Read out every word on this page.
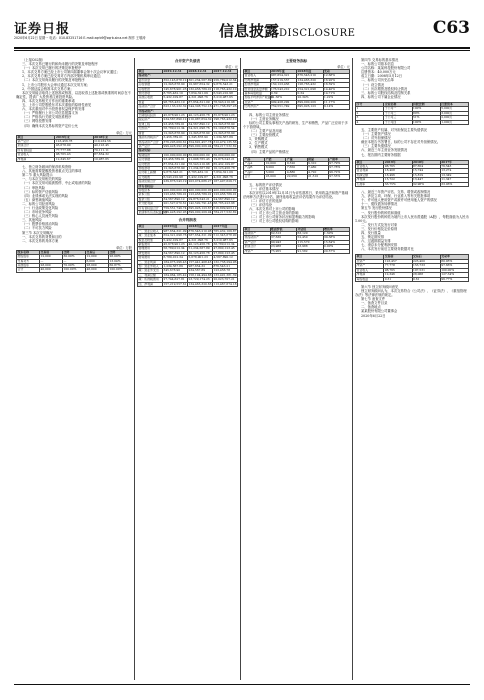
证券日报
2020年6月22日 星期一 电话：010-83251716 E-mail:zqrb9@zqrb.sina.net 制作 王敬涛	信息披露DISCLOSURE	C63

（上接C62版）

三、本次交易已履行的和尚未履行的决策及审批程序

（一）本次交易已履行的决策及审批程序

1、本次交易方案已经上市公司第四届董事会第十次会议审议通过；

2、本次交易方案已经交易对方内部决策机构审议通过；

（二）本次交易尚未履行的决策及审批程序

1、上市公司股东大会审议通过本次交易方案；

2、中国证监会核准本次交易方案；

本次交易能否取得上述批准或核准，以及取得上述批准或核准的时间存在不确定性，提请广大投资者注意投资风险。

四、本次交易相关方作出的重要承诺

五、上市公司控股股东对本次重组的原则性意见

六、本次重组对中小投资者权益保护的安排

（一）严格履行上市公司信息披露义务

（二）严格执行关联交易批准程序

（三）网络投票安排

（四）确保本次交易标的资产定价公允

单位：万元
项目	2019年末	2018年末
资产总计	123,456.78	110,234.56
负债合计	45,678.90	40,123.45
所有者权益	77,777.88	70,111.11
营业收入	98,765.43	87,654.32
净利润	12,345.67	10,987.65

七、独立财务顾问的保荐机构资格

八、其他需要提醒投资者重点关注的事项

第二节 重大风险提示

一、与本次交易相关的风险

（一）本次交易可能被暂停、中止或取消的风险

（二）审批风险

（三）标的资产估值风险

（四）业绩承诺无法实现的风险

（五）商誉减值风险

二、标的公司经营风险

（一）行业政策变化风险

（二）市场竞争风险

（三）核心人员流失风险

三、其他风险

（一）股票价格波动风险

（二）不可抗力风险

第三节 本次交易概况

一、本次交易的背景和目的

二、本次交易的具体方案

单位：万股
股东名称	交易前	比例	交易后	比例
控股股东	12,000	30.00%	12,000	26.09%
交易对方	—	—	6,000	13.04%
其他股东	28,000	70.00%	28,000	60.87%
合计	40,000	100.00%	46,000	100.00%
合并资产负债表
单位：元
项目	2019.12.31	2018.12.31	2017.12.31
流动资产：			
货币资金	352,145,678.12	301,234,567.89	256,789,012.34
应收票据	12,345,678.90	10,987,654.32	9,876,543.21
应收账款	145,678,901.23	132,456,789.01	118,765,432.10
预付款项	8,765,432.10	7,654,321.09	6,543,210.98
其他应收款	5,432,109.87	4,321,098.76	3,210,987.65
存货	98,765,432.10	87,654,321.09	76,543,210.98
流动资产合计	623,133,232.32	544,308,752.16	471,738,397.26
非流动资产：			
长期股权投资	45,678,901.23	40,123,456.78	35,678,901.23
固定资产	234,567,890.12	210,987,654.32	198,765,432.10
在建工程	23,456,789.01	34,567,890.12	12,345,678.90
无形资产	56,789,012.34	54,321,098.76	52,109,876.54
商誉	12,345,678.90	12,345,678.90	12,345,678.90
递延所得税资产	3,456,789.01	2,345,678.90	1,234,567.89
非流动资产合计	376,295,060.61	354,691,457.78	312,479,135.56
资产总计	999,428,292.93	899,000,209.94	784,217,532.82
流动负债：			
短期借款	100,000,000.00	80,000,000.00	60,000,000.00
应付票据	23,456,789.01	21,098,765.43	19,876,543.21
应付账款	87,654,321.09	76,543,210.98	65,432,109.87
预收款项	12,345,678.90	11,234,567.89	10,123,456.78
应付职工薪酬	9,876,543.21	8,765,432.10	7,654,321.09
应交税费	6,543,210.98	5,432,109.87	4,321,098.76
流动负债合计	239,876,543.19	203,074,086.27	167,407,629.71
所有者权益：			
实收资本	400,000,000.00	400,000,000.00	400,000,000.00
资本公积	123,456,789.01	123,456,789.01	123,456,789.01
盈余公积	34,567,890.12	29,876,543.21	24,567,890.12
未分配利润	201,527,070.61	142,592,791.45	68,785,223.98
所有者权益合计	759,551,749.74	695,926,123.67	616,809,903.11
负债和所有者权益总计	999,428,292.93	899,000,209.94	784,217,532.82
合并利润表
项目	2019年度	2018年度	2017年度
一、营业总收入	987,654,321.09	876,543,210.98	765,432,109.87
减：营业成本	654,321,098.76	587,654,321.09	512,345,678.90
税金及附加	5,432,109.87	4,321,098.76	3,210,987.65
销售费用	45,678,901.23	40,123,456.78	36,789,012.34
管理费用	56,789,012.34	51,234,567.89	47,890,123.45
研发费用	34,567,890.12	30,123,456.78	27,890,123.45
财务费用	6,789,012.34	5,678,901.23	4,567,890.12
二、营业利润	184,075,296.43	157,441,408.45	132,738,294.96
加：营业外收入	1,234,567.89	987,654.32	876,543.21
减：营业外支出	345,678.90	234,567.89	123,456.78
三、利润总额	184,964,185.42	158,194,494.88	133,491,381.39
减：所得税费用	27,744,627.81	23,729,174.23	20,023,707.21
四、净利润	157,219,557.61	134,465,320.65	113,467,674.18
主要财务指标
单位：元
项目	2019年度	2018年度	变动
营业收入	987,654,321	876,543,210	12.68%
归母净利润	157,219,557	134,465,320	16.92%
扣非净利润	150,123,456	128,765,432	16.59%
经营现金流量净额	176,543,210	154,321,098	14.40%
基本每股收益	0.39	0.34	14.71%
加权平均净资产收益率	21.56%	20.34%	1.22%
总资产	999,428,292	899,000,209	11.17%
归母净资产	759,551,749	695,926,123	9.14%

四、标的公司主营业务情况

（一）主营业务概况

标的公司主要从事相关产品的研发、生产和销售，产品广泛应用于多个下游领域。

（二）主要产品及用途

（三）主要经营模式

1、采购模式

2、生产模式

3、销售模式

（四）主要产品的产销情况

产品	产能	产量	销量	产销率
产品A	10,000	9,520	9,310	97.79%
产品B	8,000	7,650	7,480	97.78%
产品C	5,000	4,880	4,720	96.72%
合计	23,000	22,050	21,510	97.55%

五、标的资产评估情况

（一）评估基本情况

本次评估以2019年12月31日为评估基准日，采用收益法和资产基础法两种方法进行评估，最终选取收益法评估结果作为评估结论。

（二）评估方法的选择

（三）评估结论

六、本次交易对上市公司的影响

（一）对上市公司主营业务的影响

（二）对上市公司财务状况和盈利能力的影响

（三）对上市公司股权结构的影响

项目	账面价值	评估值	增值率
流动资产	62,313	63,120	1.30%
非流动资产	37,630	52,450	39.38%
资产总计	99,943	115,570	15.64%
负债合计	23,988	23,988	0.00%
净资产	75,955	91,582	20.57%

第四节 交易标的基本情况

一、标的公司基本信息

公司名称：某某科技股份有限公司

注册资本：40,000万元

成立日期：2008年5月12日

二、标的公司历史沿革

（一）设立情况

（二）历次增资及股权转让情况

三、标的公司股权结构及控制关系

四、标的公司下属企业情况

序号	企业名称	持股比例	注册资本
1	子公司一	100%	5,000万
2	子公司二	80%	3,000万
3	子公司三	51%	2,000万
4	子公司四	100%	1,000万

五、主要资产权属、对外担保及主要负债情况

（一）主要资产情况

（二）对外担保情况

截至本报告书签署日，标的公司不存在对外担保情况。

（三）主要负债情况

六、最近三年主营业务发展情况

七、报告期内主要财务数据

项目	2019年	2018年	2017年
营业收入	98,765	87,654	76,543
营业利润	18,408	15,744	13,274
利润总额	18,496	15,819	13,349
净利润	15,722	13,447	11,347
毛利率	33.75%	32.96%	33.06%

八、最近三年资产评估、交易、增资或改制情况

九、涉及立项、环保、行业准入等有关报批事项

十、许可他人使用资产或被许可使用他人资产的情况

十一、债权债务转移情况

第五节 发行股份情况

一、发行股份的种类和面值

本次发行股份的种类为境内上市人民币普通股（A股），每股面值为人民币1.00元。

二、发行方式及发行对象

三、发行价格及定价原则

四、发行数量

五、锁定期安排

六、过渡期损益安排

七、滚存未分配利润安排

八、本次发行前后主要财务数据对比

项目	交易前	交易后	变动率
总资产	123,457	223,400	80.95%
净资产	77,778	153,733	97.66%
营业收入	98,765	197,531	100.00%
净利润	12,346	28,068	127.34%
每股收益	0.31	0.61	96.77%

第六节 独立财务顾问意见

独立财务顾问认为，本次交易符合《公司法》、《证券法》、《重组管理办法》等法律法规的规定。

第七节 备查文件

一、备查文件目录

二、备查地点

某某股份有限公司董事会

2020年6月22日
